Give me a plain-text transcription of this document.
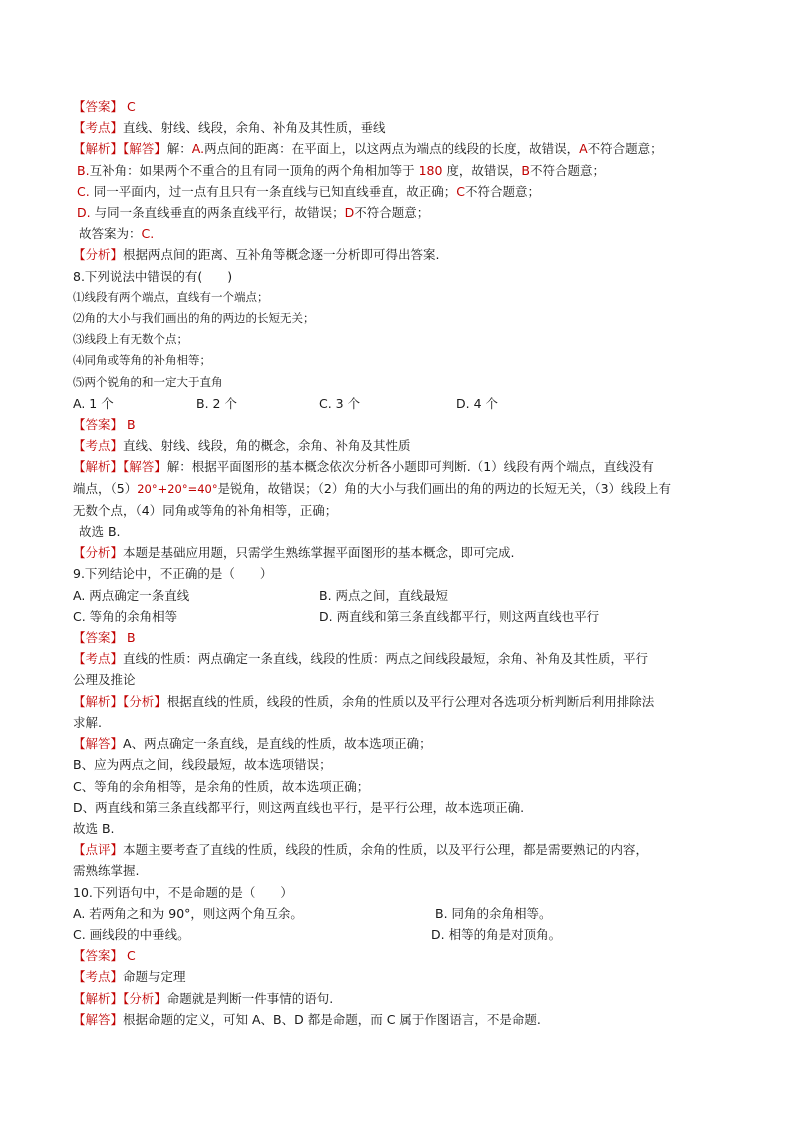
【答案】 C
【考点】直线、射线、线段，余角、补角及其性质，垂线
【解析】【解答】解：A.两点间的距离：在平面上，以这两点为端点的线段的长度，故错误，A不符合题意；
B.互补角：如果两个不重合的且有同一顶角的两个角相加等于 180 度，故错误，B不符合题意；
C. 同一平面内，过一点有且只有一条直线与已知直线垂直，故正确；C不符合题意；
D. 与同一条直线垂直的两条直线平行，故错误；D不符合题意；
故答案为：C.
【分析】根据两点间的距离、互补角等概念逐一分析即可得出答案.
8.下列说法中错误的有(　　)
⑴线段有两个端点，直线有一个端点；
⑵角的大小与我们画出的角的两边的长短无关；
⑶线段上有无数个点；
⑷同角或等角的补角相等；
⑸两个锐角的和一定大于直角
A. 1 个	B. 2 个	C. 3 个	D. 4 个
【答案】 B
【考点】直线、射线、线段，角的概念，余角、补角及其性质
【解析】【解答】解：根据平面图形的基本概念依次分析各小题即可判断.（1）线段有两个端点，直线没有
端点，（5）20°+20°=40°是锐角，故错误；（2）角的大小与我们画出的角的两边的长短无关，（3）线段上有
无数个点，（4）同角或等角的补角相等，正确；
故选 B.
【分析】本题是基础应用题，只需学生熟练掌握平面图形的基本概念，即可完成.
9.下列结论中，不正确的是（　　）
A. 两点确定一条直线	B. 两点之间，直线最短
C. 等角的余角相等	D. 两直线和第三条直线都平行，则这两直线也平行
【答案】 B
【考点】直线的性质：两点确定一条直线，线段的性质：两点之间线段最短，余角、补角及其性质，平行
公理及推论
【解析】【分析】根据直线的性质，线段的性质，余角的性质以及平行公理对各选项分析判断后利用排除法
求解.
【解答】A、两点确定一条直线，是直线的性质，故本选项正确；
B、应为两点之间，线段最短，故本选项错误；
C、等角的余角相等，是余角的性质，故本选项正确；
D、两直线和第三条直线都平行，则这两直线也平行，是平行公理，故本选项正确.
故选 B.
【点评】本题主要考查了直线的性质，线段的性质，余角的性质，以及平行公理，都是需要熟记的内容，
需熟练掌握.
10.下列语句中，不是命题的是（　　）
A. 若两角之和为 90°，则这两个角互余。	B. 同角的余角相等。
C. 画线段的中垂线。	D. 相等的角是对顶角。
【答案】 C
【考点】命题与定理
【解析】【分析】命题就是判断一件事情的语句.
【解答】根据命题的定义，可知 A、B、D 都是命题，而 C 属于作图语言，不是命题.
